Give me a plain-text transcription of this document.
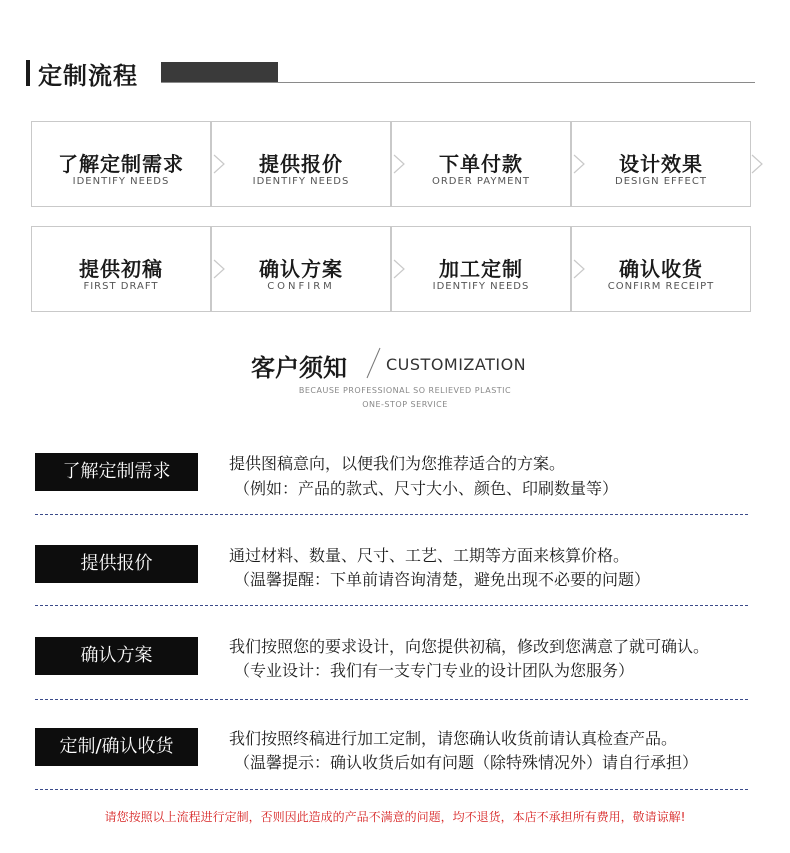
定制流程
了解定制需求
IDENTIFY NEEDS
提供报价
IDENTIFY NEEDS
下单付款
ORDER PAYMENT
设计效果
DESIGN EFFECT
提供初稿
FIRST DRAFT
确认方案
CONFIRM
加工定制
IDENTIFY NEEDS
确认收货
CONFIRM RECEIPT
客户须知 CUSTOMIZATION
BECAUSE PROFESSIONAL SO RELIEVED PLASTIC
ONE-STOP SERVICE
了解定制需求	提供图稿意向，以便我们为您推荐适合的方案。
（例如：产品的款式、尺寸大小、颜色、印刷数量等）
提供报价	通过材料、数量、尺寸、工艺、工期等方面来核算价格。
（温馨提醒：下单前请咨询清楚，避免出现不必要的问题）
确认方案	我们按照您的要求设计，向您提供初稿，修改到您满意了就可确认。
（专业设计：我们有一支专门专业的设计团队为您服务）
定制/确认收货	我们按照终稿进行加工定制，请您确认收货前请认真检查产品。
（温馨提示：确认收货后如有问题（除特殊情况外）请自行承担）
请您按照以上流程进行定制，否则因此造成的产品不满意的问题，均不退货，本店不承担所有费用，敬请谅解!
